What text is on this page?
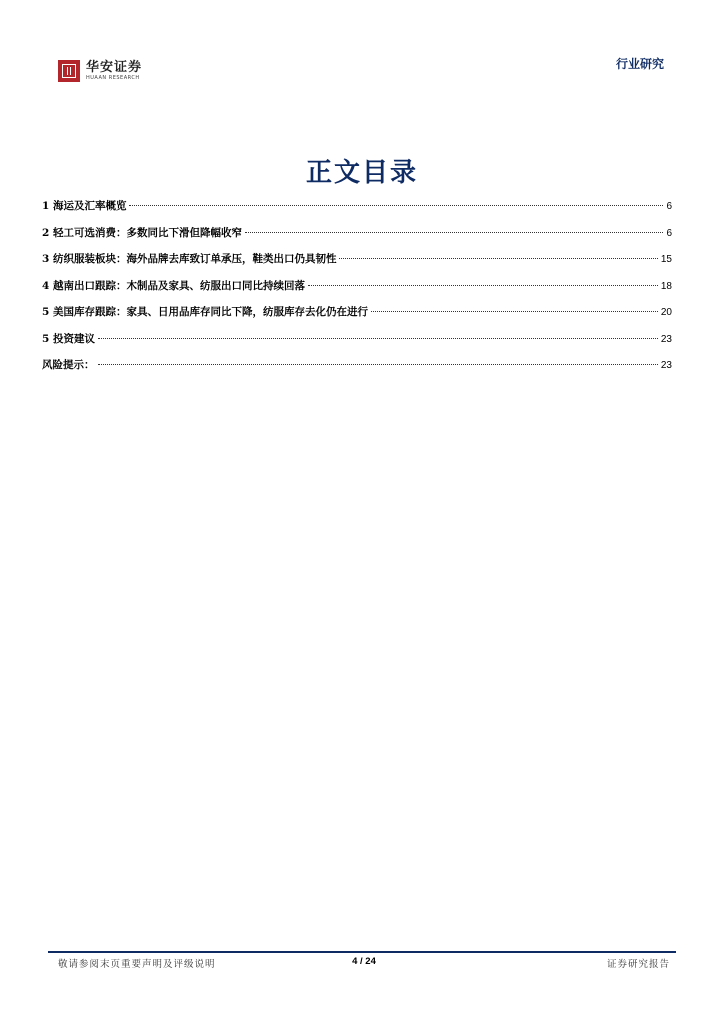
华安证券
HUAAN RESEARCH
行业研究
正文目录
1 海运及汇率概览	6
2 轻工可选消费：多数同比下滑但降幅收窄	6
3 纺织服装板块：海外品牌去库致订单承压，鞋类出口仍具韧性	15
4 越南出口跟踪：木制品及家具、纺服出口同比持续回落	18
5 美国库存跟踪：家具、日用品库存同比下降，纺服库存去化仍在进行	20
5 投资建议	23
风险提示：	23
敬请参阅末页重要声明及评级说明	4 / 24	证券研究报告
